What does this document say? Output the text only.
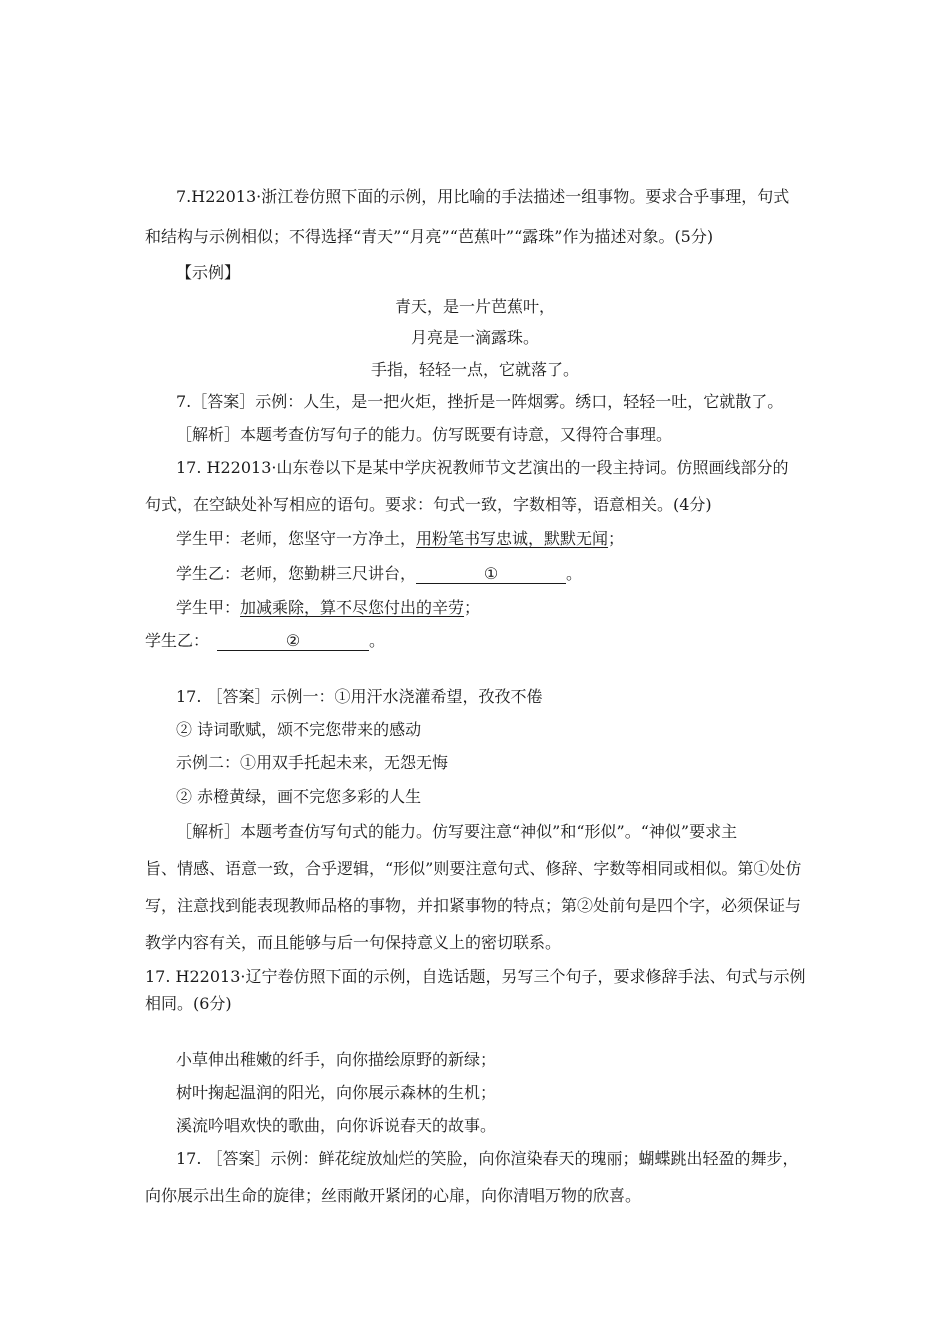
7.H22013·浙江卷仿照下面的示例，用比喻的手法描述一组事物。要求合乎事理，句式
和结构与示例相似；不得选择“青天”“月亮”“芭蕉叶”“露珠”作为描述对象。(5分)
【示例】
青天，是一片芭蕉叶，
月亮是一滴露珠。
手指，轻轻一点，它就落了。
7.［答案］示例：人生，是一把火炬，挫折是一阵烟雾。绣口，轻轻一吐，它就散了。
［解析］本题考查仿写句子的能力。仿写既要有诗意，又得符合事理。
17. H22013·山东卷以下是某中学庆祝教师节文艺演出的一段主持词。仿照画线部分的
句式，在空缺处补写相应的语句。要求：句式一致，字数相等，语意相关。(4分)
学生甲：老师，您坚守一方净土，用粉笔书写忠诚，默默无闻；
学生乙：老师，您勤耕三尺讲台，	①	。
学生甲：加减乘除，算不尽您付出的辛劳；
学生乙：	②	。
17. ［答案］示例一：①用汗水浇灌希望，孜孜不倦
② 诗词歌赋，颂不完您带来的感动
示例二：①用双手托起未来，无怨无悔
② 赤橙黄绿，画不完您多彩的人生
［解析］本题考查仿写句式的能力。仿写要注意“神似”和“形似”。“神似”要求主
旨、情感、语意一致，合乎逻辑，“形似”则要注意句式、修辞、字数等相同或相似。第①处仿
写，注意找到能表现教师品格的事物，并扣紧事物的特点；第②处前句是四个字，必须保证与
教学内容有关，而且能够与后一句保持意义上的密切联系。
17. H22013·辽宁卷仿照下面的示例，自选话题，另写三个句子，要求修辞手法、句式与示例
相同。(6分)
小草伸出稚嫩的纤手，向你描绘原野的新绿；
树叶掬起温润的阳光，向你展示森林的生机；
溪流吟唱欢快的歌曲，向你诉说春天的故事。
17. ［答案］示例：鲜花绽放灿烂的笑脸，向你渲染春天的瑰丽；蝴蝶跳出轻盈的舞步，
向你展示出生命的旋律；丝雨敞开紧闭的心扉，向你清唱万物的欣喜。
